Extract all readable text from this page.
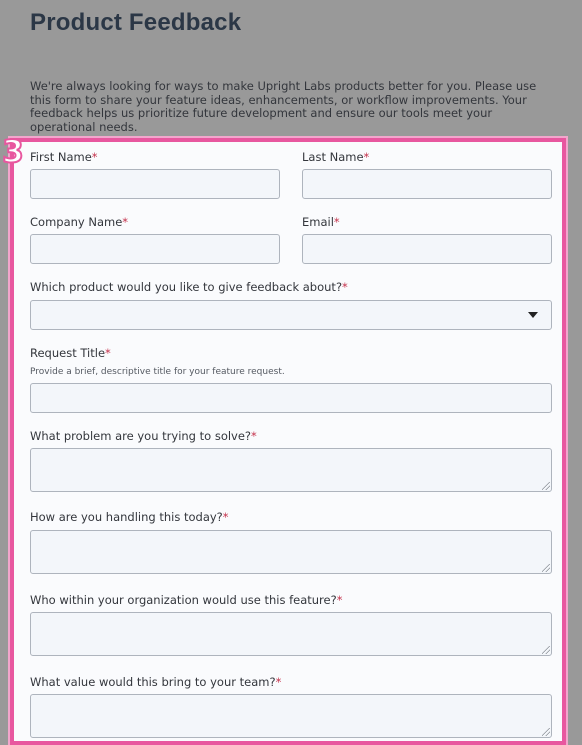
Product Feedback

We're always looking for ways to make Upright Labs products better for you. Please use this form to share your feature ideas, enhancements, or workflow improvements. Your feedback helps us prioritize future development and ensure our tools meet your operational needs.

First Name*	Last Name*
Company Name*	Email*
Which product would you like to give feedback about?*
Request Title*
Provide a brief, descriptive title for your feature request.
What problem are you trying to solve?*
How are you handling this today?*
Who within your organization would use this feature?*
What value would this bring to your team?*
3
